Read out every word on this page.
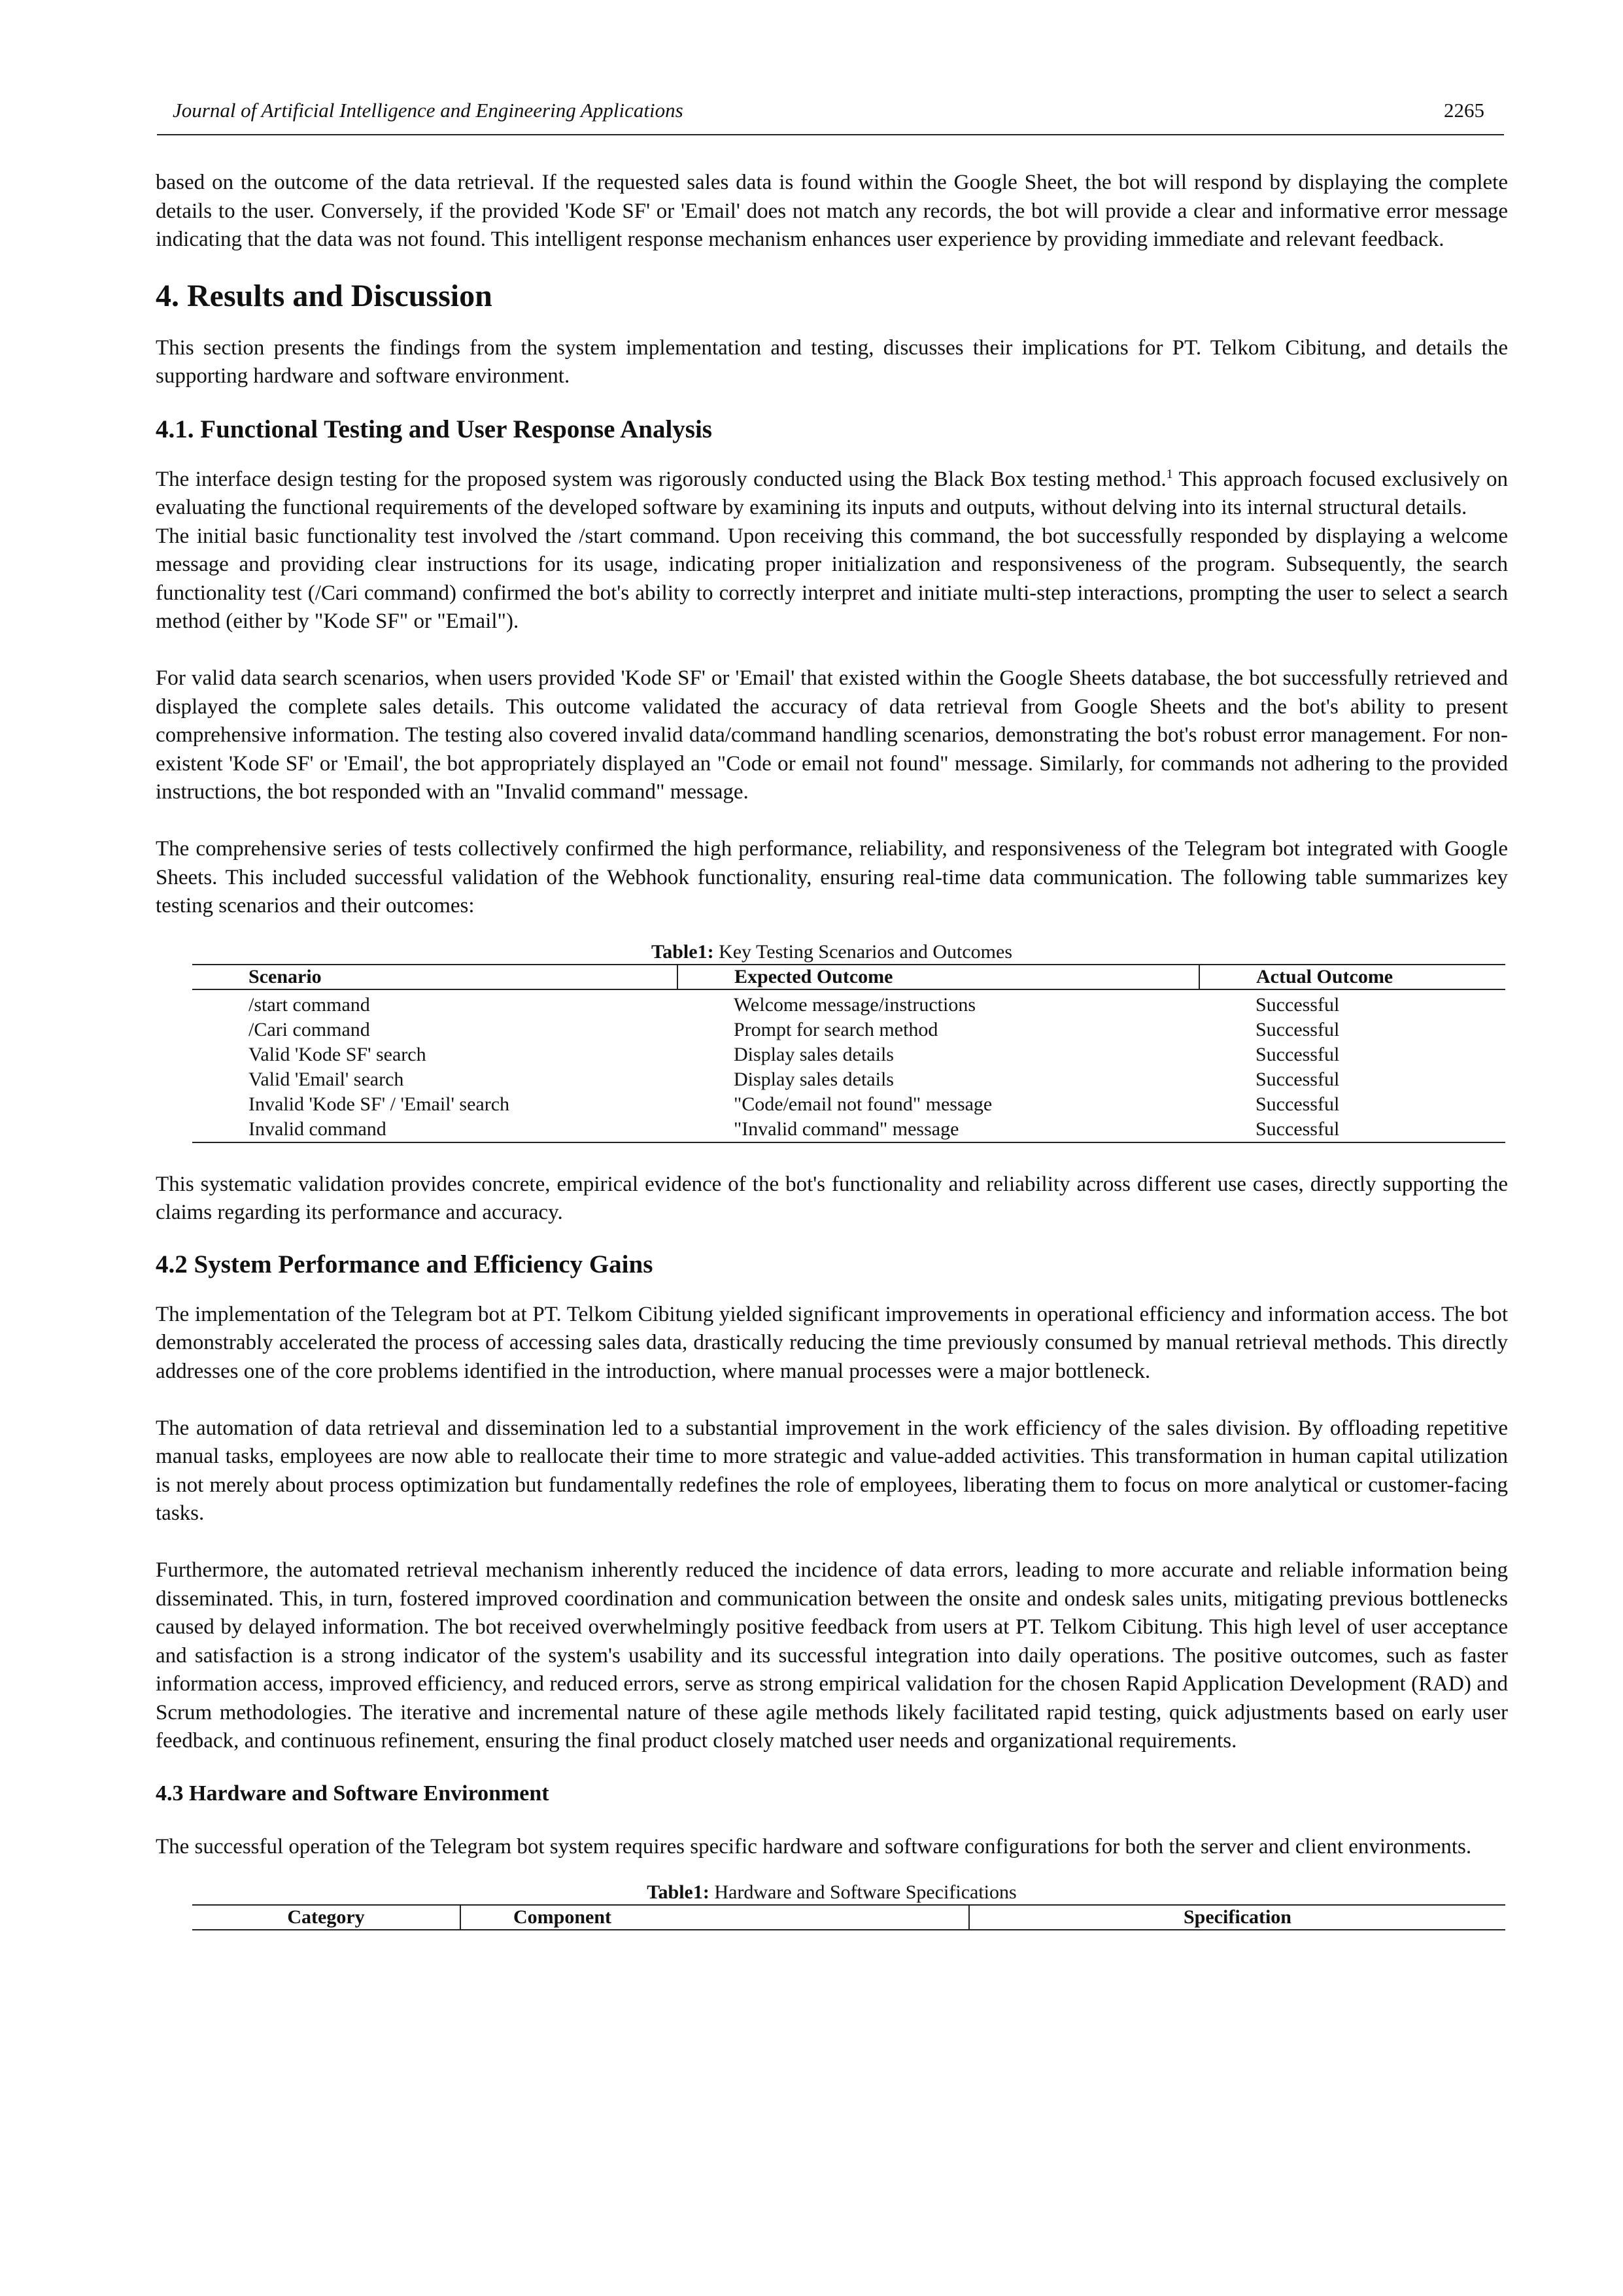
Journal of Artificial Intelligence and Engineering Applications	2265

based on the outcome of the data retrieval. If the requested sales data is found within the Google Sheet, the bot will respond by displaying the complete details to the user. Conversely, if the provided 'Kode SF' or 'Email' does not match any records, the bot will provide a clear and informative error message indicating that the data was not found. This intelligent response mechanism enhances user experience by providing immediate and relevant feedback.

4. Results and Discussion

This section presents the findings from the system implementation and testing, discusses their implications for PT. Telkom Cibitung, and details the supporting hardware and software environment.

4.1. Functional Testing and User Response Analysis

The interface design testing for the proposed system was rigorously conducted using the Black Box testing method.$^1$ This approach focused exclusively on evaluating the functional requirements of the developed software by examining its inputs and outputs, without delving into its internal structural details.

The initial basic functionality test involved the /start command. Upon receiving this command, the bot successfully responded by displaying a welcome message and providing clear instructions for its usage, indicating proper initialization and responsiveness of the program. Subsequently, the search functionality test (/Cari command) confirmed the bot's ability to correctly interpret and initiate multi-step interactions, prompting the user to select a search method (either by "Kode SF" or "Email").

For valid data search scenarios, when users provided 'Kode SF' or 'Email' that existed within the Google Sheets database, the bot successfully retrieved and displayed the complete sales details. This outcome validated the accuracy of data retrieval from Google Sheets and the bot's ability to present comprehensive information. The testing also covered invalid data/command handling scenarios, demonstrating the bot's robust error management. For non-existent 'Kode SF' or 'Email', the bot appropriately displayed an "Code or email not found" message. Similarly, for commands not adhering to the provided instructions, the bot responded with an "Invalid command" message.

The comprehensive series of tests collectively confirmed the high performance, reliability, and responsiveness of the Telegram bot integrated with Google Sheets. This included successful validation of the Webhook functionality, ensuring real-time data communication. The following table summarizes key testing scenarios and their outcomes:

Table1: Key Testing Scenarios and Outcomes
Scenario	Expected Outcome	Actual Outcome
/start command	Welcome message/instructions	Successful
/Cari command	Prompt for search method	Successful
Valid 'Kode SF' search	Display sales details	Successful
Valid 'Email' search	Display sales details	Successful
Invalid 'Kode SF' / 'Email' search	"Code/email not found" message	Successful
Invalid command	"Invalid command" message	Successful

This systematic validation provides concrete, empirical evidence of the bot's functionality and reliability across different use cases, directly supporting the claims regarding its performance and accuracy.

4.2 System Performance and Efficiency Gains

The implementation of the Telegram bot at PT. Telkom Cibitung yielded significant improvements in operational efficiency and information access. The bot demonstrably accelerated the process of accessing sales data, drastically reducing the time previously consumed by manual retrieval methods. This directly addresses one of the core problems identified in the introduction, where manual processes were a major bottleneck.

The automation of data retrieval and dissemination led to a substantial improvement in the work efficiency of the sales division. By offloading repetitive manual tasks, employees are now able to reallocate their time to more strategic and value-added activities. This transformation in human capital utilization is not merely about process optimization but fundamentally redefines the role of employees, liberating them to focus on more analytical or customer-facing tasks.

Furthermore, the automated retrieval mechanism inherently reduced the incidence of data errors, leading to more accurate and reliable information being disseminated. This, in turn, fostered improved coordination and communication between the onsite and ondesk sales units, mitigating previous bottlenecks caused by delayed information. The bot received overwhelmingly positive feedback from users at PT. Telkom Cibitung. This high level of user acceptance and satisfaction is a strong indicator of the system's usability and its successful integration into daily operations. The positive outcomes, such as faster information access, improved efficiency, and reduced errors, serve as strong empirical validation for the chosen Rapid Application Development (RAD) and Scrum methodologies. The iterative and incremental nature of these agile methods likely facilitated rapid testing, quick adjustments based on early user feedback, and continuous refinement, ensuring the final product closely matched user needs and organizational requirements.

4.3 Hardware and Software Environment

The successful operation of the Telegram bot system requires specific hardware and software configurations for both the server and client environments.

Table1: Hardware and Software Specifications
Category	Component	Specification
